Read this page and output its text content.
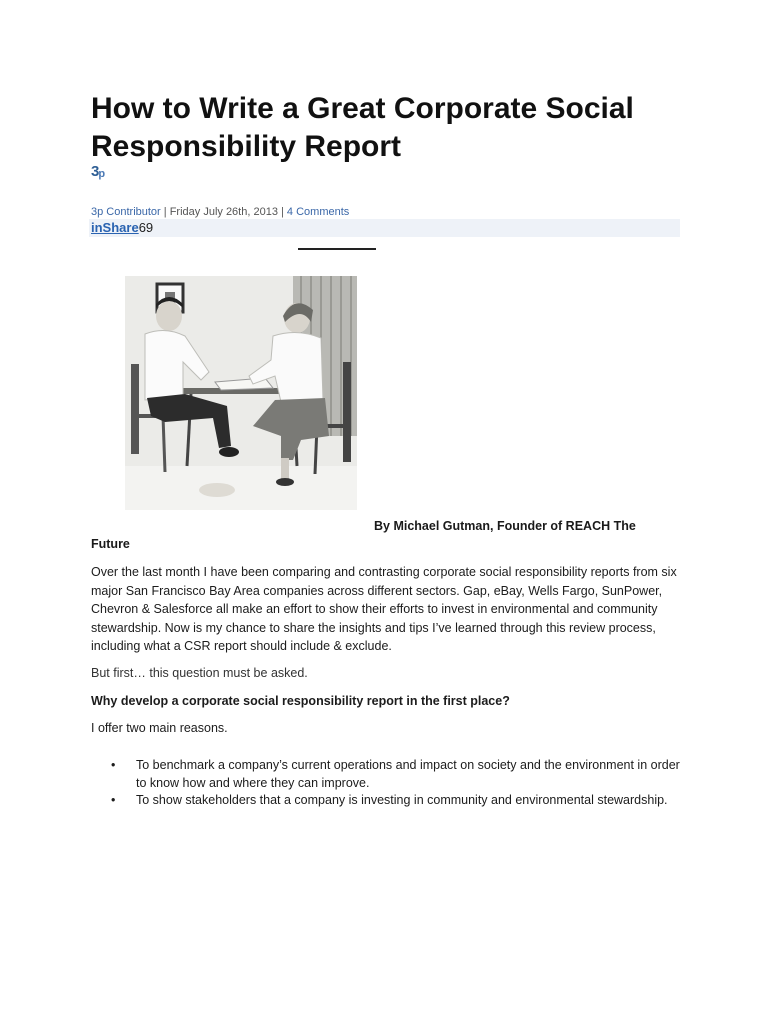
How to Write a Great Corporate Social Responsibility Report
3p
3p Contributor | Friday July 26th, 2013 | 4 Comments
inShare69
By Michael Gutman, Founder of REACH The
Future

Over the last month I have been comparing and contrasting corporate social responsibility reports from six major San Francisco Bay Area companies across different sectors. Gap, eBay, Wells Fargo, SunPower, Chevron & Salesforce all make an effort to show their efforts to invest in environmental and community stewardship. Now is my chance to share the insights and tips I’ve learned through this review process, including what a CSR report should include & exclude.

But first… this question must be asked.

Why develop a corporate social responsibility report in the first place?

I offer two main reasons.

• To benchmark a company’s current operations and impact on society and the environment in order to know how and where they can improve.
• To show stakeholders that a company is investing in community and environmental stewardship.
